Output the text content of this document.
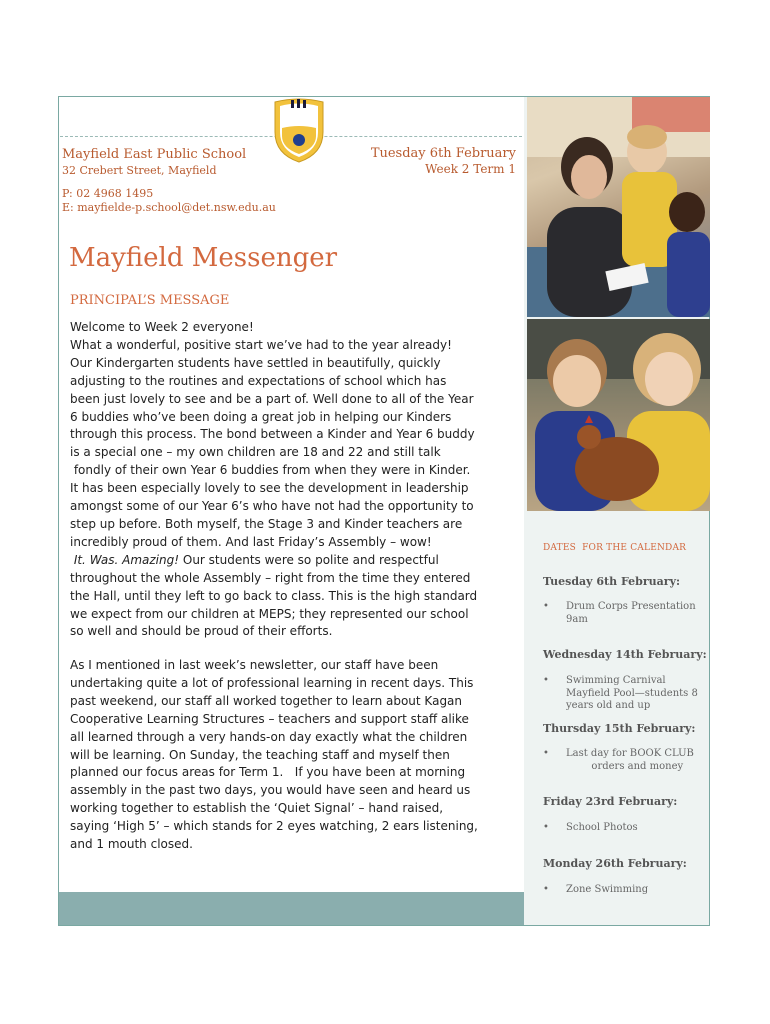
Mayfield East Public School
32 Crebert Street, Mayfield
Tuesday 6th February
Week 2 Term 1
P: 02 4968 1495
E: mayfielde-p.school@det.nsw.edu.au
Mayfield Messenger
PRINCIPAL’S MESSAGE
Welcome to Week 2 everyone!
What a wonderful, positive start we’ve had to the year already!
Our Kindergarten students have settled in beautifully, quickly
adjusting to the routines and expectations of school which has
been just lovely to see and be a part of. Well done to all of the Year
6 buddies who’ve been doing a great job in helping our Kinders
through this process. The bond between a Kinder and Year 6 buddy
is a special one – my own children are 18 and 22 and still talk
fondly of their own Year 6 buddies from when they were in Kinder.
It has been especially lovely to see the development in leadership
amongst some of our Year 6’s who have not had the opportunity to
step up before. Both myself, the Stage 3 and Kinder teachers are
incredibly proud of them. And last Friday’s Assembly – wow!
It. Was. Amazing! Our students were so polite and respectful
throughout the whole Assembly – right from the time they entered
the Hall, until they left to go back to class. This is the high standard
we expect from our children at MEPS; they represented our school
so well and should be proud of their efforts.
As I mentioned in last week’s newsletter, our staff have been
undertaking quite a lot of professional learning in recent days. This
past weekend, our staff all worked together to learn about Kagan
Cooperative Learning Structures – teachers and support staff alike
all learned through a very hands-on day exactly what the children
will be learning. On Sunday, the teaching staff and myself then
planned our focus areas for Term 1.   If you have been at morning
assembly in the past two days, you would have seen and heard us
working together to establish the ‘Quiet Signal’ – hand raised,
saying ‘High 5’ – which stands for 2 eyes watching, 2 ears listening,
and 1 mouth closed.
DATES  FOR THE CALENDAR
Tuesday 6th February:
• Drum Corps Presentation
9am
Wednesday 14th February:
• Swimming Carnival
Mayfield Pool—students 8
years old and up
Thursday 15th February:
• Last day for BOOK CLUB
orders and money
Friday 23rd February:
• School Photos
Monday 26th February:
• Zone Swimming
